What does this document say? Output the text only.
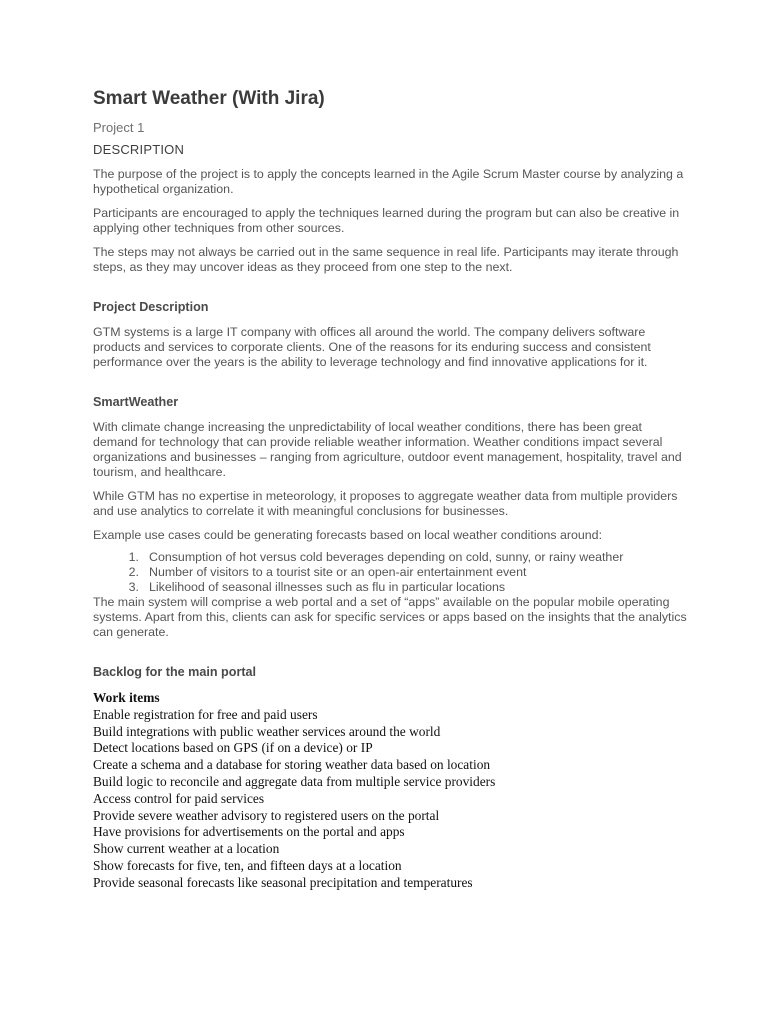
Smart Weather (With Jira)
Project 1
DESCRIPTION

The purpose of the project is to apply the concepts learned in the Agile Scrum Master course by analyzing a hypothetical organization.

Participants are encouraged to apply the techniques learned during the program but can also be creative in applying other techniques from other sources.

The steps may not always be carried out in the same sequence in real life. Participants may iterate through steps, as they may uncover ideas as they proceed from one step to the next.

Project Description

GTM systems is a large IT company with offices all around the world. The company delivers software products and services to corporate clients. One of the reasons for its enduring success and consistent performance over the years is the ability to leverage technology and find innovative applications for it.

SmartWeather

With climate change increasing the unpredictability of local weather conditions, there has been great demand for technology that can provide reliable weather information. Weather conditions impact several organizations and businesses – ranging from agriculture, outdoor event management, hospitality, travel and tourism, and healthcare.

While GTM has no expertise in meteorology, it proposes to aggregate weather data from multiple providers and use analytics to correlate it with meaningful conclusions for businesses.

Example use cases could be generating forecasts based on local weather conditions around:

1. Consumption of hot versus cold beverages depending on cold, sunny, or rainy weather
2. Number of visitors to a tourist site or an open-air entertainment event
3. Likelihood of seasonal illnesses such as flu in particular locations

The main system will comprise a web portal and a set of “apps” available on the popular mobile operating systems. Apart from this, clients can ask for specific services or apps based on the insights that the analytics can generate.

Backlog for the main portal
Work items
Enable registration for free and paid users
Build integrations with public weather services around the world
Detect locations based on GPS (if on a device) or IP
Create a schema and a database for storing weather data based on location
Build logic to reconcile and aggregate data from multiple service providers
Access control for paid services
Provide severe weather advisory to registered users on the portal
Have provisions for advertisements on the portal and apps
Show current weather at a location
Show forecasts for five, ten, and fifteen days at a location
Provide seasonal forecasts like seasonal precipitation and temperatures
